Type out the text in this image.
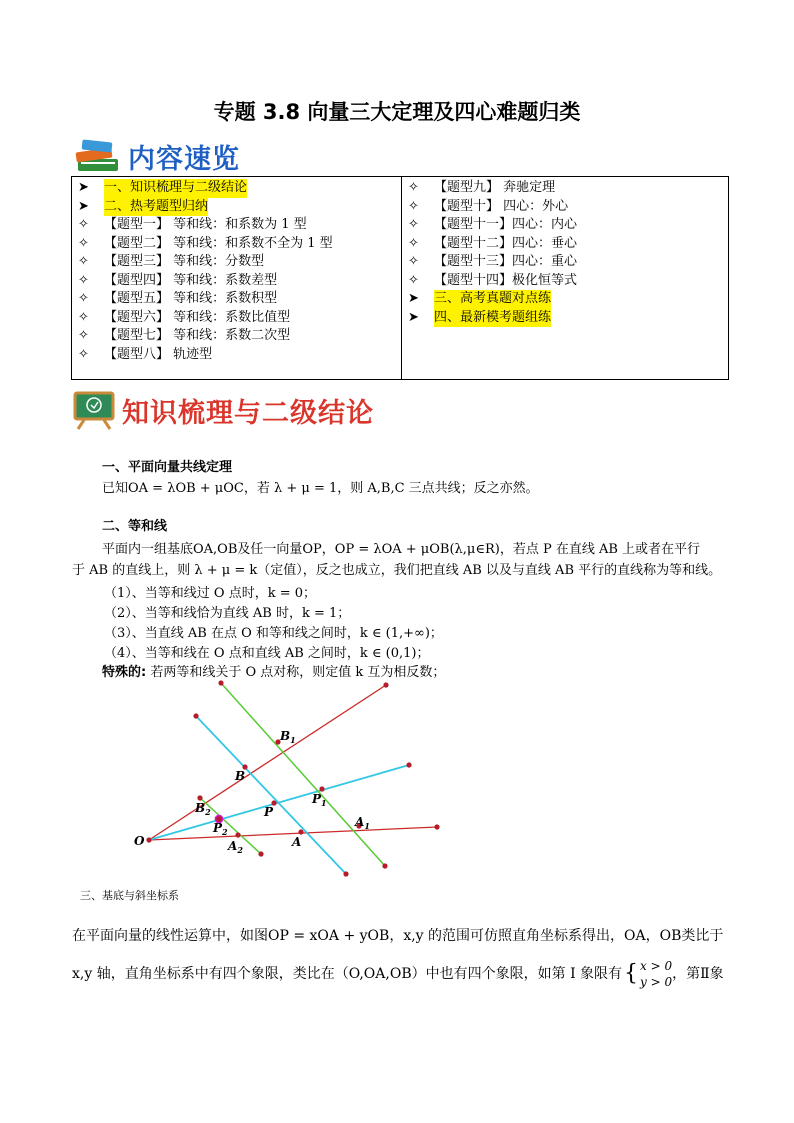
专题 3.8 向量三大定理及四心难题归类
内容速览
➤	一、知识梳理与二级结论
➤	二、热考题型归纳
✧	【题型一】 等和线：和系数为 1 型
✧	【题型二】 等和线：和系数不全为 1 型
✧	【题型三】 等和线：分数型
✧	【题型四】 等和线：系数差型
✧	【题型五】 等和线：系数积型
✧	【题型六】 等和线：系数比值型
✧	【题型七】 等和线：系数二次型
✧	【题型八】 轨迹型
✧	【题型九】 奔驰定理
✧	【题型十】 四心：外心
✧	【题型十一】四心：内心
✧	【题型十二】四心：垂心
✧	【题型十三】四心：重心
✧	【题型十四】极化恒等式
➤	三、高考真题对点练
➤	四、最新模考题组练
知识梳理与二级结论
一、平面向量共线定理
已知OA = λOB + μOC，若 λ + μ = 1，则 A,B,C 三点共线；反之亦然。
二、等和线
平面内一组基底OA,OB及任一向量OP，OP = λOA + μOB(λ,μ∈R)，若点 P 在直线 AB 上或者在平行
于 AB 的直线上，则 λ + μ = k（定值），反之也成立，我们把直线 AB 以及与直线 AB 平行的直线称为等和线。
（1）、当等和线过 O 点时，k = 0；
（2）、当等和线恰为直线 AB 时，k = 1；
（3）、当直线 AB 在点 O 和等和线之间时，k ∈ (1,+∞)；
（4）、当等和线在 O 点和直线 AB 之间时，k ∈ (0,1)；
特殊的: 若两等和线关于 O 点对称，则定值 k 互为相反数；
O
B
P
A
$B_1$
$P_1$
$A_1$
$B_2$
$P_2$
$A_2$
三、基底与斜坐标系
在平面向量的线性运算中，如图OP = xOA + yOB，x,y 的范围可仿照直角坐标系得出，OA，OB类比于
x,y 轴，直角坐标系中有四个象限，类比在（O,OA,OB）中也有四个象限，如第 I 象限有 { x > 0
y > 0 ，第Ⅱ象
